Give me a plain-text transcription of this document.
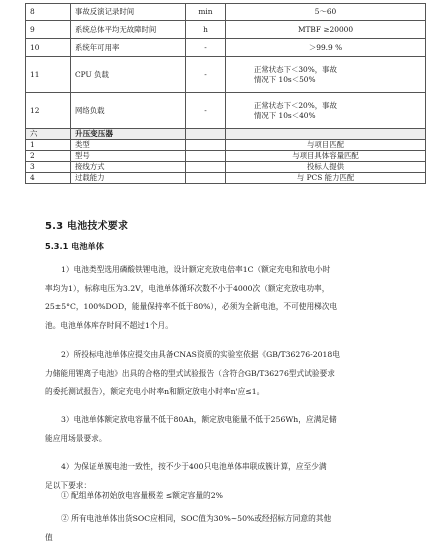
8	事故反演记录时间	min	5～60
9	系统总体平均无故障时间	h	MTBF ≥20000
10	系统年可用率	-	＞99.9 %
11	CPU 负载	-	正常状态下＜30%，事故
情况下 10s＜50%

12	网络负载	-	正常状态下＜20%，事故
情况下 10s＜40%

六	升压变压器		
1	类型		与项目匹配
2	型号		与项目具体容量匹配
3	接线方式		投标人提供
4	过载能力		与 PCS 能力匹配
5.3 电池技术要求
5.3.1 电池单体
1）电池类型选用磷酸铁锂电池，设计额定充放电倍率1C（额定充电和放电小时
率均为1），标称电压为3.2V，电池单体循环次数不小于4000次（额定充放电功率，
25±5°C，100%DOD，能量保持率不低于80%），必须为全新电池，不可使用梯次电
池。电池单体库存时间不超过1个月。
2）所投标电池单体应提交由具备CNAS资质的实验室依据《GB/T36276-2018电
力储能用锂离子电池》出具的合格的型式试验报告（含符合GB/T36276型式试验要求
的委托测试报告），额定充电小时率n和额定放电小时率n'应≤1。
3）电池单体额定放电容量不低于80Ah，额定放电能量不低于256Wh，应满足储
能应用场景要求。
4）为保证单簇电池一致性，按不少于400只电池单体串联成簇计算，应至少满
足以下要求：
① 配组单体初始放电容量极差 ≤额定容量的2%
② 所有电池单体出货SOC应相同，SOC值为30%~50%或经招标方同意的其他
值
